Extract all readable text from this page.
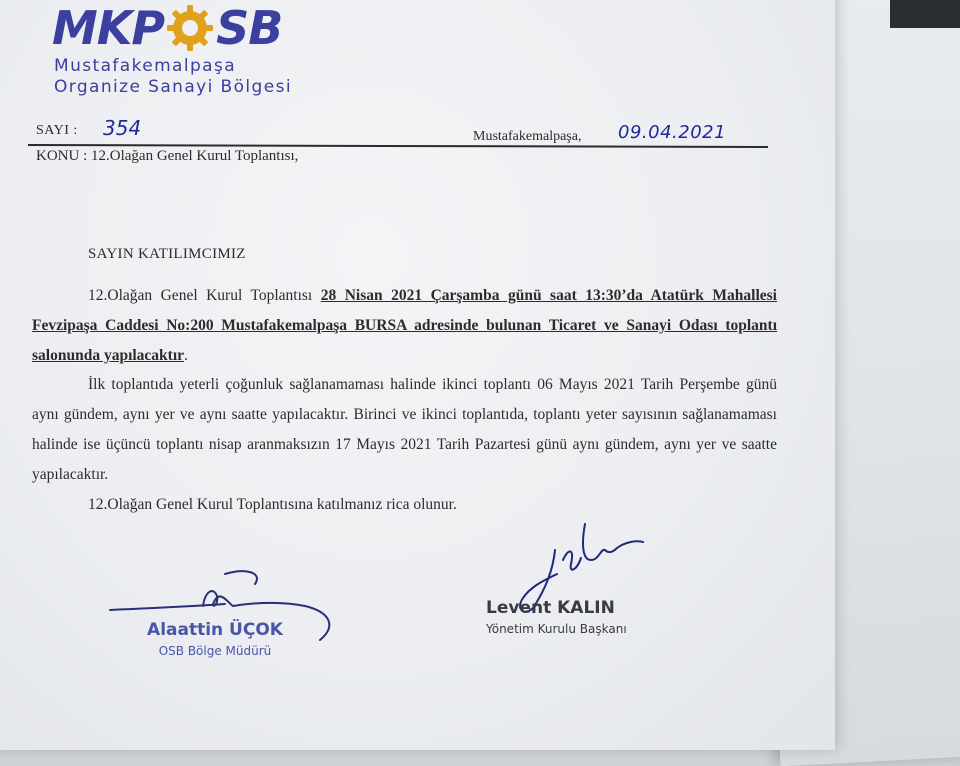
MKP SB
Mustafakemalpaşa
Organize Sanayi Bölgesi
SAYI : 354	Mustafakemalpaşa, 09.04.2021
KONU : 12.Olağan Genel Kurul Toplantısı,
SAYIN KATILIMCIMIZ
12.Olağan Genel Kurul Toplantısı 28 Nisan 2021 Çarşamba günü saat 13:30’da Atatürk Mahallesi Fevzipaşa Caddesi No:200 Mustafakemalpaşa BURSA adresinde bulunan Ticaret ve Sanayi Odası toplantı salonunda yapılacaktır.
İlk toplantıda yeterli çoğunluk sağlanamaması halinde ikinci toplantı 06 Mayıs 2021 Tarih Perşembe günü aynı gündem, aynı yer ve aynı saatte yapılacaktır. Birinci ve ikinci toplantıda, toplantı yeter sayısının sağlanamaması halinde ise üçüncü toplantı nisap aranmaksızın 17 Mayıs 2021 Tarih Pazartesi günü aynı gündem, aynı yer ve saatte yapılacaktır.
12.Olağan Genel Kurul Toplantısına katılmanız rica olunur.
Alaattin ÜÇOK
OSB Bölge Müdürü
Levent KALIN
Yönetim Kurulu Başkanı
